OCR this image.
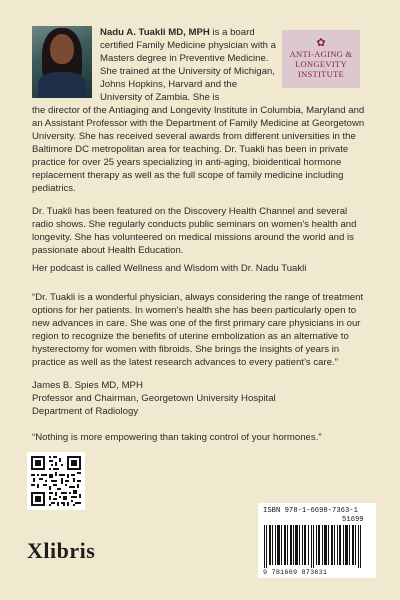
✿
ANTI-AGING &
LONGEVITY
INSTITUTE

Nadu A. Tuakli MD, MPH is a board certified Family Medicine physician with a Masters degree in Preventive Medicine. She trained at the University of Michigan, Johns Hopkins, Harvard and the University of Zambia. She is

the director of the Antiaging and Longevity Institute in Columbia, Maryland and an Assistant Professor with the Department of Family Medicine at Georgetown University. She has received several awards from different universities in the Baltimore DC metropolitan area for teaching. Dr. Tuakli has been in private practice for over 25 years specializing in anti-aging, bioidentical hormone replacement therapy as well as the full scope of family medicine including pediatrics.

Dr. Tuakli has been featured on the Discovery Health Channel and several radio shows. She regularly conducts public seminars on women's health and longevity. She has volunteered on medical missions around the world and is passionate about Health Education.

Her podcast is called Wellness and Wisdom with Dr. Nadu Tuakli

“Dr. Tuakli is a wonderful physician, always considering the range of treatment options for her patients. In women’s health she has been particularly open to new advances in care. She was one of the first primary care physicians in our region to recognize the benefits of uterine embolization as an alternative to hysterectomy for women with fibroids. She brings the insights of years in practice as well as the latest research advances to every patient’s care.”

James B. Spies MD, MPH
Professor and Chairman, Georgetown University Hospital
Department of Radiology

“Nothing is more empowering than taking control of your hormones.”

Xlibris
ISBN 978-1-6698-7363-1
51699
9 781669 873631
